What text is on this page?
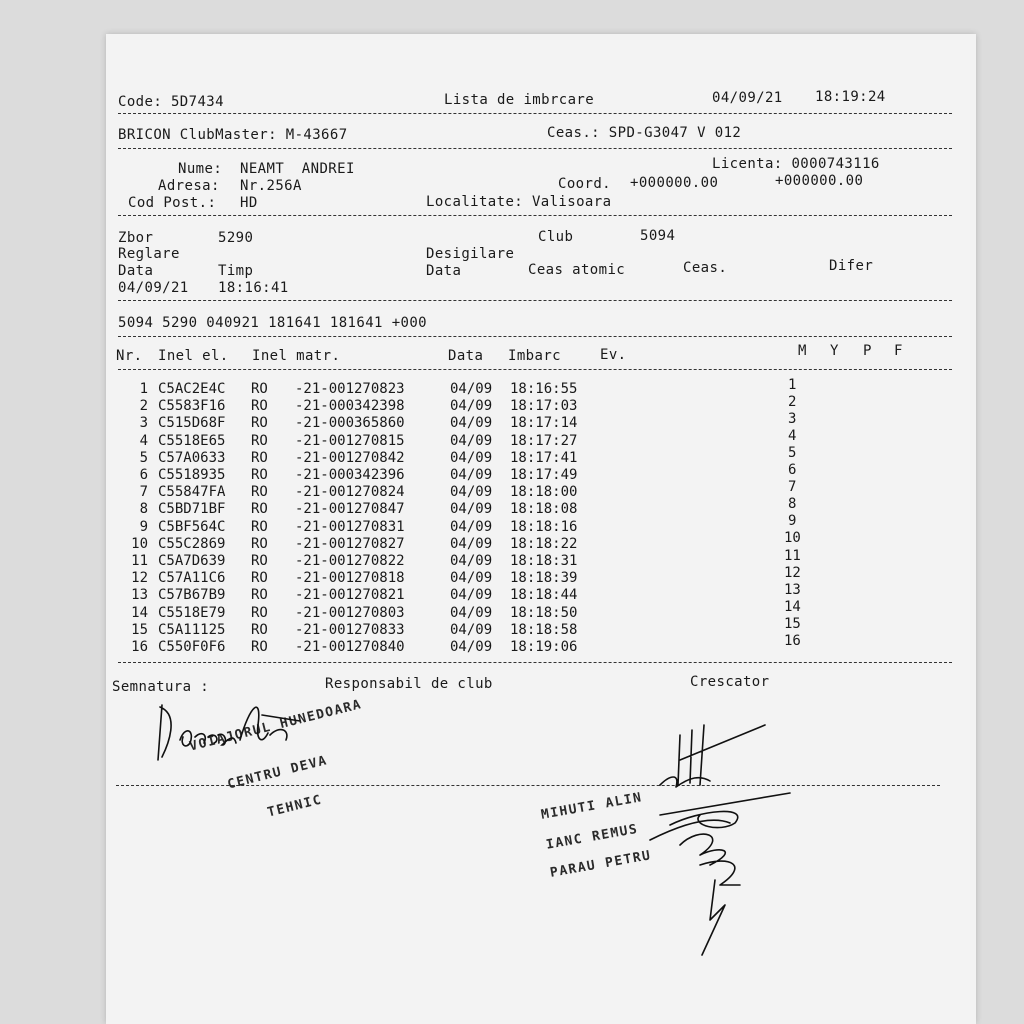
Code: 5D7434	Lista de imbrcare	04/09/21 18:19:24
BRICON ClubMaster: M-43667	Ceas.: SPD-G3047 V 012
Nume: NEAMT  ANDREI	Licenta: 0000743116
Adresa: Nr.256A	Coord. +000000.00	+000000.00
Cod Post.: HD	Localitate: Valisoara
Zbor	5290	Club	5094
Reglare	Desigilare
Data	Timp	Data	Ceas atomic	Ceas.	Difer
04/09/21 18:16:41
5094 5290 040921 181641 181641 +000
Nr. Inel el. Inel matr.	Data Imbarc	Ev.	M Y P F
1 C5AC2E4C RO -21-001270823	04/09 18:16:55	1
2 C5583F16 RO -21-000342398	04/09 18:17:03	2
3 C515D68F RO -21-000365860	04/09 18:17:14	3
4 C5518E65 RO -21-001270815	04/09 18:17:27	4
5 C57A0633 RO -21-001270842	04/09 18:17:41	5
6 C5518935 RO -21-000342396	04/09 18:17:49	6
7 C55847FA RO -21-001270824	04/09 18:18:00	7
8 C5BD71BF RO -21-001270847	04/09 18:18:08	8
9 C5BF564C RO -21-001270831	04/09 18:18:16	9
10 C55C2869 RO -21-001270827	04/09 18:18:22	10
11 C5A7D639 RO -21-001270822	04/09 18:18:31	11
12 C57A11C6 RO -21-001270818	04/09 18:18:39	12
13 C57B67B9 RO -21-001270821	04/09 18:18:44	13
14 C5518E79 RO -21-001270803	04/09 18:18:50	14
15 C5A11125 RO -21-001270833	04/09 18:18:58	15
16 C550F0F6 RO -21-001270840	04/09 18:19:06	16
Semnatura :	Responsabil de club	Crescator
VOIAJORUL HUNEDOARA
CENTRU DEVA
TEHNIC	MIHUTI ALIN
IANC REMUS
PARAU PETRU
